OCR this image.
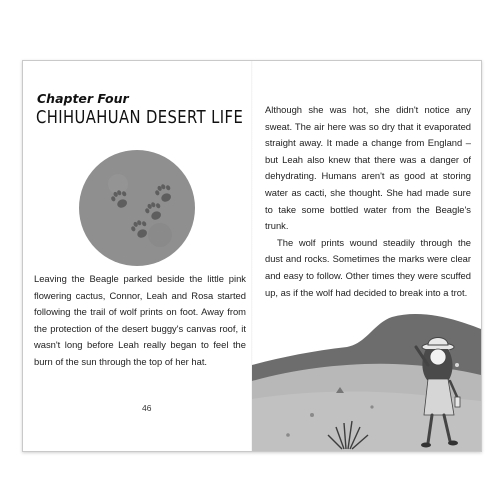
Chapter Four
CHIHUAHUAN DESERT LIFE

Leaving the Beagle parked beside the little pink flowering cactus, Connor, Leah and Rosa started following the trail of wolf prints on foot. Away from the protection of the desert buggy's canvas roof, it wasn't long before Leah really began to feel the burn of the sun through the top of her hat.

46

Although she was hot, she didn't notice any sweat. The air here was so dry that it evaporated straight away. It made a change from England – but Leah also knew that there was a danger of dehydrating. Humans aren't as good at storing water as cacti, she thought. She had made sure to take some bottled water from the Beagle's trunk.

The wolf prints wound steadily through the dust and rocks. Sometimes the marks were clear and easy to follow. Other times they were scuffed up, as if the wolf had decided to break into a trot.
